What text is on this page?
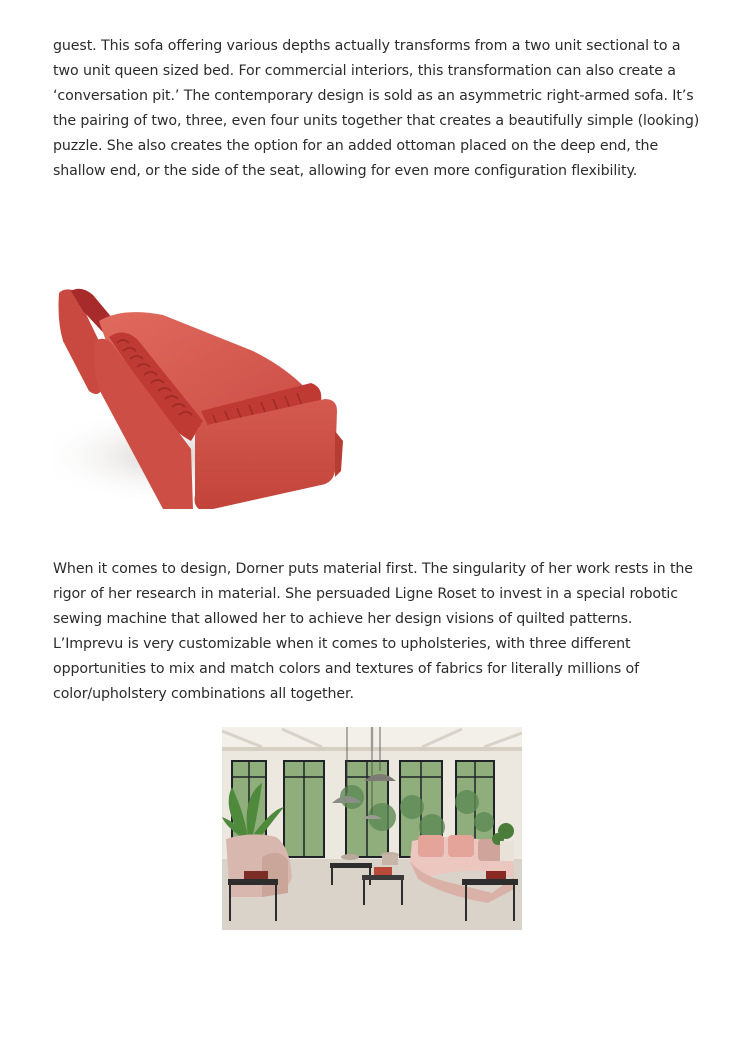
guest. This sofa offering various depths actually transforms from a two unit sectional to a
two unit queen sized bed. For commercial interiors, this transformation can also create a
‘conversation pit.’ The contemporary design is sold as an asymmetric right-armed sofa. It’s
the pairing of two, three, even four units together that creates a beautifully simple (looking)
puzzle. She also creates the option for an added ottoman placed on the deep end, the
shallow end, or the side of the seat, allowing for even more configuration flexibility.

When it comes to design, Dorner puts material first. The singularity of her work rests in the
rigor of her research in material. She persuaded Ligne Roset to invest in a special robotic
sewing machine that allowed her to achieve her design visions of quilted patterns.
L’Imprevu is very customizable when it comes to upholsteries, with three different
opportunities to mix and match colors and textures of fabrics for literally millions of
color/upholstery combinations all together.
